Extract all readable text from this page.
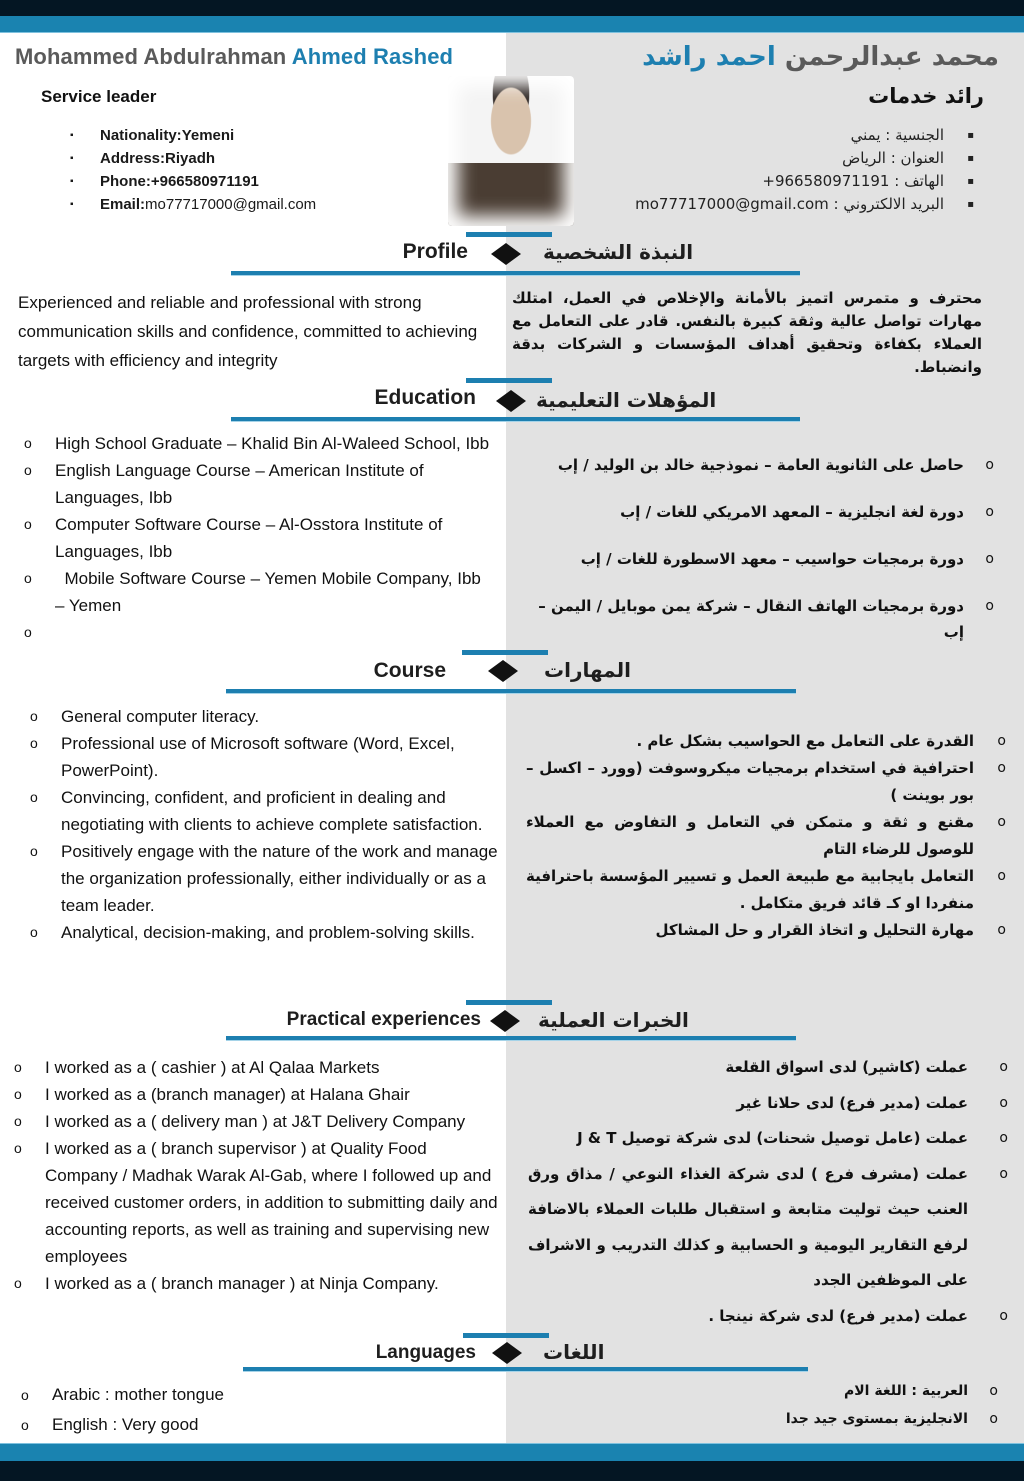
Mohammed Abdulrahman Ahmed Rashed	محمد عبدالرحمن احمد راشد
Service leader	رائد خدمات
▪	Nationality: Yemeni
▪	Address: Riyadh
▪	Phone: +966580971191
▪	Email: mo77717000@gmail.com
▪
الجنسية : يمني
▪
العنوان : الرياض
▪
الهاتف : ‎+966580971191
▪
البريد الالكتروني : mo77717000@gmail.com
Profile	النبذة الشخصية
Experienced and reliable and professional with strong communication skills and confidence, committed to achieving targets with efficiency and integrity
محترف و متمرس اتميز بالأمانة والإخلاص في العمل، امتلك مهارات تواصل عالية وثقة كبيرة بالنفس. قادر على التعامل مع العملاء بكفاءة وتحقيق أهداف المؤسسات و الشركات بدقة وانضباط.
Education	المؤهلات التعليمية
o	High School Graduate – Khalid Bin Al-Waleed School, Ibb
o	English Language Course – American Institute of Languages, Ibb
o	Computer Software Course – Al-Osstora Institute of Languages, Ibb
o	Mobile Software Course – Yemen Mobile Company, Ibb – Yemen
o
o
حاصل على الثانوية العامة – نموذجية خالد بن الوليد / إب
o
دورة لغة انجليزية – المعهد الامريكي للغات / إب
o
دورة برمجيات حواسيب – معهد الاسطورة للغات / إب
o
دورة برمجيات الهاتف النقال – شركة يمن موبايل / اليمن – إب
Course	المهارات
o	General computer literacy.
o	Professional use of Microsoft software (Word, Excel, PowerPoint).
o	Convincing, confident, and proficient in dealing and negotiating with clients to achieve complete satisfaction.
o	Positively engage with the nature of the work and manage the organization professionally, either individually or as a team leader.
o	Analytical, decision-making, and problem-solving skills.
o
القدرة على التعامل مع الحواسيب بشكل عام .
o
احترافية في استخدام برمجيات ميكروسوفت (وورد – اكسل – بور بوينت )
o
مقنع و ثقة و متمكن في التعامل و التفاوض مع العملاء للوصول للرضاء التام
o
التعامل بايجابية مع طبيعة العمل و تسيير المؤسسة باحترافية منفردا او كـ قائد فريق متكامل .
o
مهارة التحليل و اتخاذ القرار و حل المشاكل
Practical experiences	الخبرات العملية
o	I worked as a ( cashier ) at Al Qalaa Markets
o	I worked as a (branch manager) at Halana Ghair
o	I worked as a ( delivery man ) at J&T Delivery Company
o	I worked as a ( branch supervisor ) at Quality Food Company / Madhak Warak Al-Gab, where I followed up and received customer orders, in addition to submitting daily and accounting reports, as well as training and supervising new employees
o	I worked as a ( branch manager ) at Ninja Company.
o
عملت (كاشير) لدى اسواق القلعة
o
عملت (مدير فرع) لدى حلانا غير
o
عملت (عامل توصيل شحنات) لدى شركة توصيل J & T
o
عملت (مشرف فرع ) لدى شركة الغذاء النوعي / مذاق ورق العنب حيث توليت متابعة و استقبال طلبات العملاء بالاضافة لرفع التقارير اليومية و الحسابية و كذلك التدريب و الاشراف على الموظفين الجدد
o
عملت (مدير فرع) لدى شركة نينجا .
Languages	اللغات
o	Arabic : mother tongue
o	English : Very good
o
العربية : اللغة الام
o
الانجليزية بمستوى جيد جدا
